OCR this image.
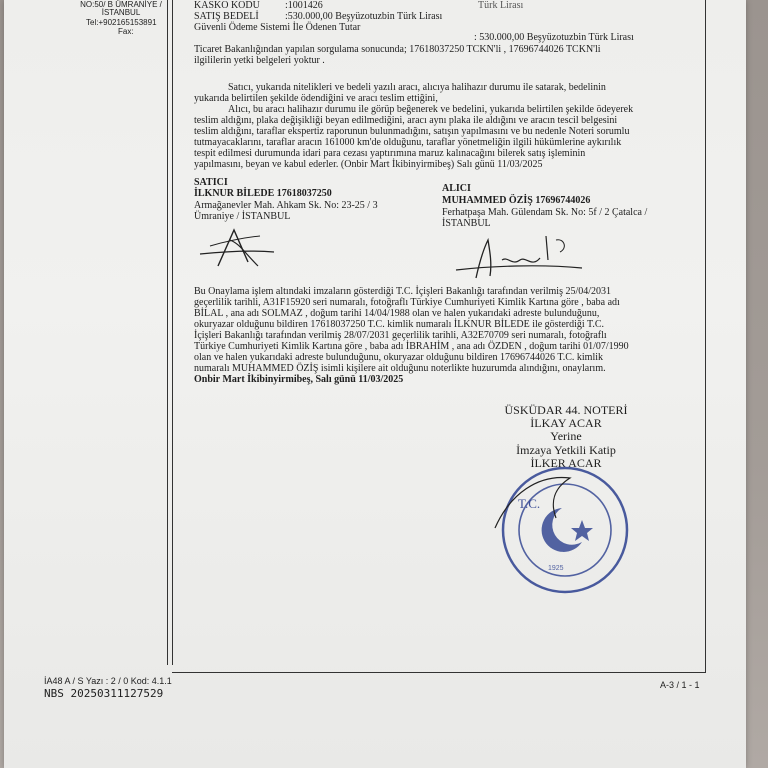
NO:50/ B ÜMRANİYE / İSTANBUL
Tel:+902165153891
Fax:
Türk Lirası
KASKO KODU	:1001426
SATIŞ BEDELİ	:530.000,00 Beşyüzotuzbin Türk Lirası
Güvenli Ödeme Sistemi İle Ödenen Tutar
: 530.000,00 Beşyüzotuzbin Türk Lirası
Ticaret Bakanlığından yapılan sorgulama sonucunda; 17618037250 TCKN'li , 17696744026 TCKN'li
ilgililerin yetki belgeleri yoktur .
Satıcı, yukarıda nitelikleri ve bedeli yazılı aracı, alıcıya halihazır durumu ile satarak, bedelinin
yukarıda belirtilen şekilde ödendiğini ve aracı teslim ettiğini,
Alıcı, bu aracı halihazır durumu ile görüp beğenerek ve bedelini, yukarıda belirtilen şekilde ödeyerek
teslim aldığını, plaka değişikliği beyan edilmediğini, aracı aynı plaka ile aldığını ve aracın tescil belgesini
teslim aldığını, taraflar ekspertiz raporunun bulunmadığını, satışın yapılmasını ve bu nedenle Noteri sorumlu
tutmayacaklarını, taraflar aracın 161000 km'de olduğunu, taraflar yönetmeliğin ilgili hükümlerine aykırılık
tespit edilmesi durumunda idari para cezası yaptırımına maruz kalınacağını bilerek satış işleminin
yapılmasını, beyan ve kabul ederler. (Onbir Mart İkibinyirmibeş) Salı günü 11/03/2025
SATICI
İLKNUR BİLEDE 17618037250
Armağanevler Mah. Ahkam Sk. No: 23-25 / 3
Ümraniye / İSTANBUL
ALICI
MUHAMMED ÖZİŞ 17696744026
Ferhatpaşa Mah. Gülendam Sk. No: 5f / 2 Çatalca /
İSTANBUL
Bu Onaylama işlem altındaki imzaların gösterdiği T.C. İçişleri Bakanlığı tarafından verilmiş 25/04/2031
geçerlilik tarihli, A31F15920 seri numaralı, fotoğraflı Türkiye Cumhuriyeti Kimlik Kartına göre , baba adı
BİLAL , ana adı SOLMAZ , doğum tarihi 14/04/1988 olan ve halen yukarıdaki adreste bulunduğunu,
okuryazar olduğunu bildiren 17618037250 T.C. kimlik numaralı İLKNUR BİLEDE ile gösterdiği T.C.
İçişleri Bakanlığı tarafından verilmiş 28/07/2031 geçerlilik tarihli, A32E70709 seri numaralı, fotoğraflı
Türkiye Cumhuriyeti Kimlik Kartına göre , baba adı İBRAHİM , ana adı ÖZDEN , doğum tarihi 01/07/1990
olan ve halen yukarıdaki adreste bulunduğunu, okuryazar olduğunu bildiren 17696744026 T.C. kimlik
numaralı MUHAMMED ÖZİŞ isimli kişilere ait olduğunu noterlikte huzurumda alındığını, onaylarım.
Onbir Mart İkibinyirmibeş, Salı günü 11/03/2025
ÜSKÜDAR 44. NOTERİ
İLKAY ACAR
Yerine
İmzaya Yetkili Katip
İLKER ACAR
T.C.
1925
İA48 A / S Yazı : 2 / 0 Kod: 4.1.1
NBS 20250311127529
A-3 / 1 - 1
